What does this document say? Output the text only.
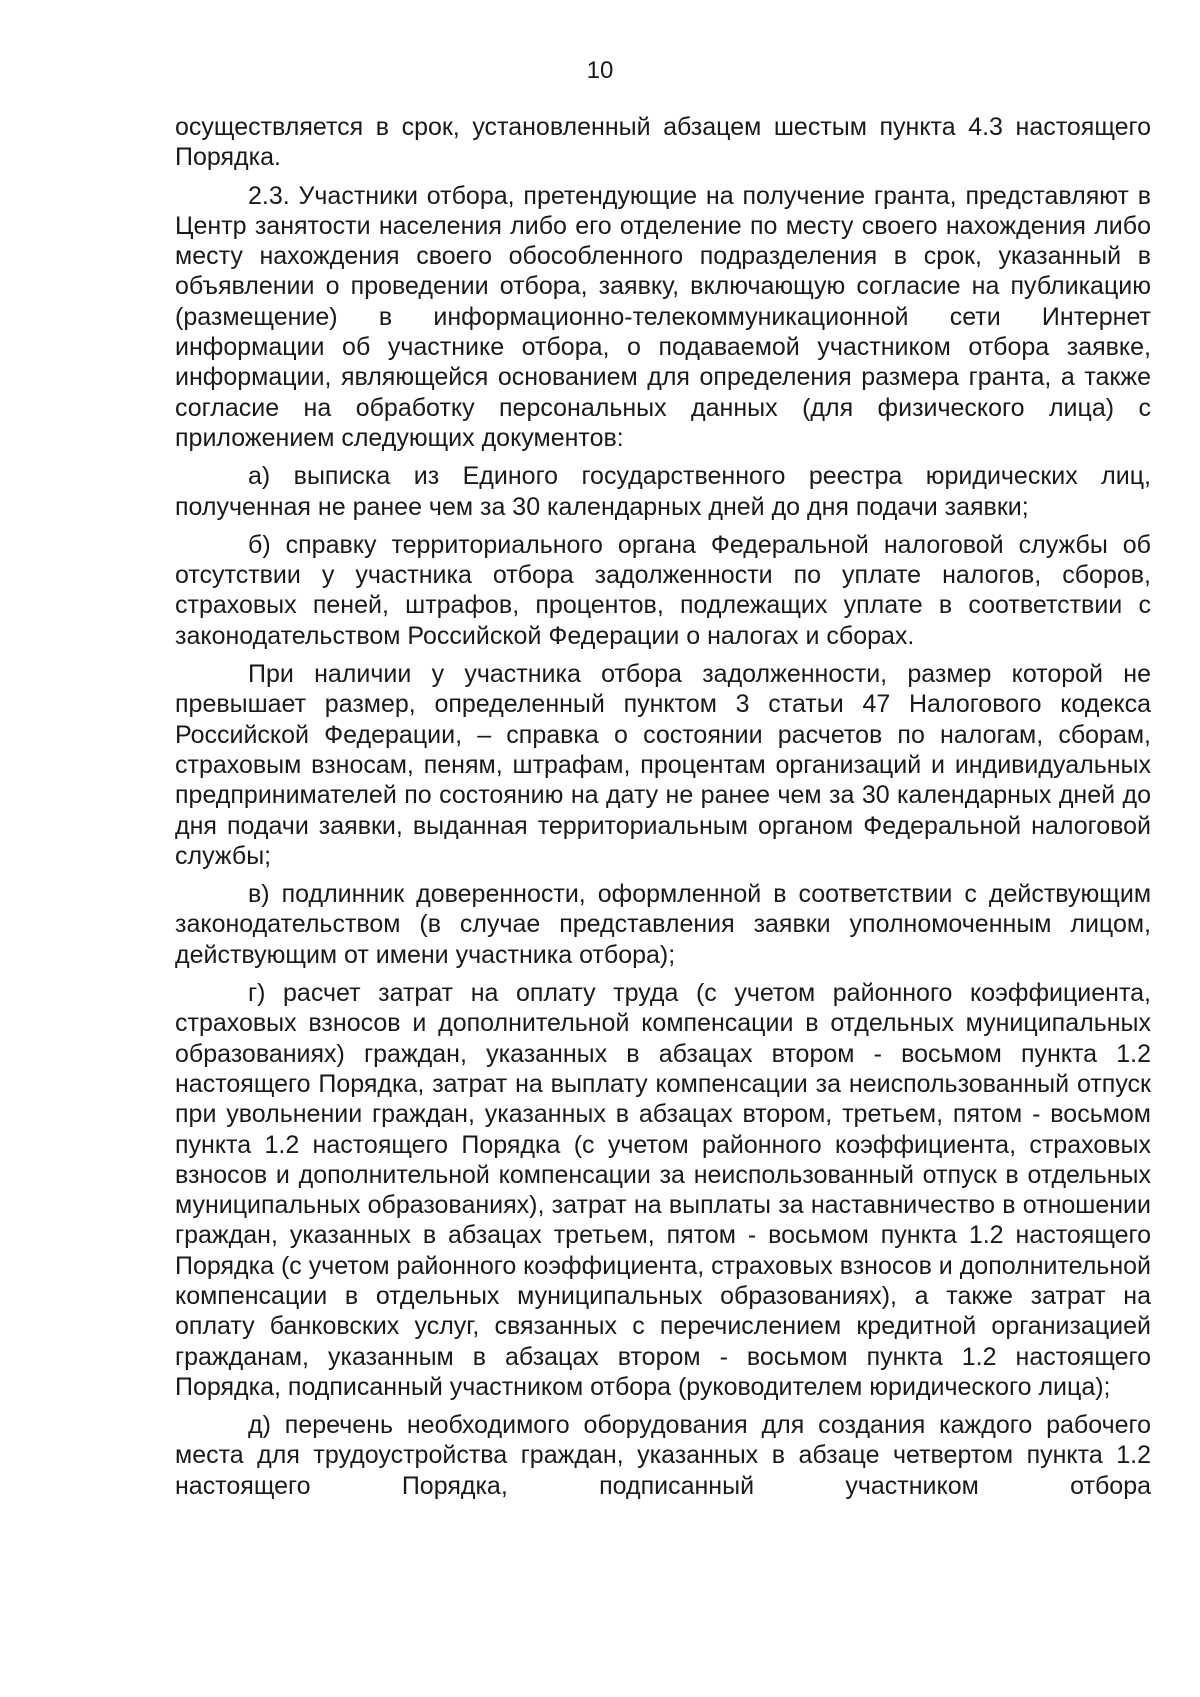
10

осуществляется в срок, установленный абзацем шестым пункта 4.3 настоящего Порядка.

2.3. Участники отбора, претендующие на получение гранта, представляют в Центр занятости населения либо его отделение по месту своего нахождения либо месту нахождения своего обособленного подразделения в срок, указанный в объявлении о проведении отбора, заявку, включающую согласие на публикацию (размещение) в информационно-телекоммуникационной сети Интернет информации об участнике отбора, о подаваемой участником отбора заявке, информации, являющейся основанием для определения размера гранта, а также согласие на обработку персональных данных (для физического лица) с приложением следующих документов:

а) выписка из Единого государственного реестра юридических лиц, полученная не ранее чем за 30 календарных дней до дня подачи заявки;

б) справку территориального органа Федеральной налоговой службы об отсутствии у участника отбора задолженности по уплате налогов, сборов, страховых пеней, штрафов, процентов, подлежащих уплате в соответствии с законодательством Российской Федерации о налогах и сборах.

При наличии у участника отбора задолженности, размер которой не превышает размер, определенный пунктом 3 статьи 47 Налогового кодекса Российской Федерации, – справка о состоянии расчетов по налогам, сборам, страховым взносам, пеням, штрафам, процентам организаций и индивидуальных предпринимателей по состоянию на дату не ранее чем за 30 календарных дней до дня подачи заявки, выданная территориальным органом Федеральной налоговой службы;

в) подлинник доверенности, оформленной в соответствии с действующим законодательством (в случае представления заявки уполномоченным лицом, действующим от имени участника отбора);

г) расчет затрат на оплату труда (с учетом районного коэффициента, страховых взносов и дополнительной компенсации в отдельных муниципальных образованиях) граждан, указанных в абзацах втором - восьмом пункта 1.2 настоящего Порядка, затрат на выплату компенсации за неиспользованный отпуск при увольнении граждан, указанных в абзацах втором, третьем, пятом - восьмом пункта 1.2 настоящего Порядка (с учетом районного коэффициента, страховых взносов и дополнительной компенсации за неиспользованный отпуск в отдельных муниципальных образованиях), затрат на выплаты за наставничество в отношении граждан, указанных в абзацах третьем, пятом - восьмом пункта 1.2 настоящего Порядка (с учетом районного коэффициента, страховых взносов и дополнительной компенсации в отдельных муниципальных образованиях), а также затрат на оплату банковских услуг, связанных с перечислением кредитной организацией гражданам, указанным в абзацах втором - восьмом пункта 1.2 настоящего Порядка, подписанный участником отбора (руководителем юридического лица);

д) перечень необходимого оборудования для создания каждого рабочего места для трудоустройства граждан, указанных в абзаце четвертом пункта 1.2 настоящего Порядка, подписанный участником отбора
